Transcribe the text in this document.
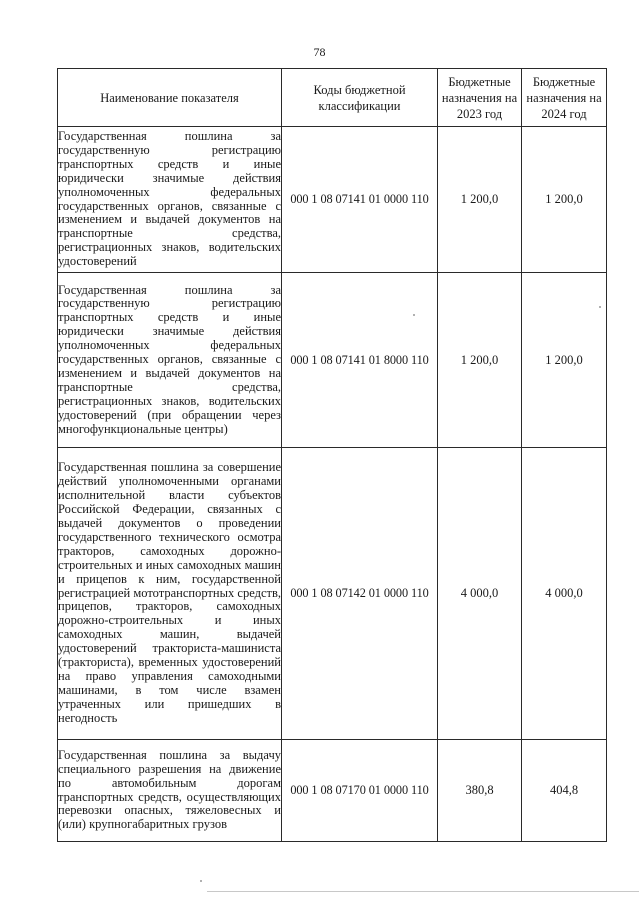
78
Наименование показателя	Коды бюджетной классификации	Бюджетные назначения на 2023 год	Бюджетные назначения на 2024 год
Государственная пошлина за государственную регистрацию транспортных средств и иные юридически значимые действия уполномоченных федеральных государственных органов, связанные с изменением и выдачей документов на транспортные средства, регистрационных знаков, водительских удостоверений	000 1 08 07141 01 0000 110	1 200,0	1 200,0
Государственная пошлина за государственную регистрацию транспортных средств и иные юридически значимые действия уполномоченных федеральных государственных органов, связанные с изменением и выдачей документов на транспортные средства, регистрационных знаков, водительских удостоверений (при обращении через многофункциональные центры)	000 1 08 07141 01 8000 110	1 200,0	1 200,0
Государственная пошлина за совершение действий уполномоченными органами исполнительной власти субъектов Российской Федерации, связанных с выдачей документов о проведении государственного технического осмотра тракторов, самоходных дорожно-строительных и иных самоходных машин и прицепов к ним, государственной регистрацией мототранспортных средств, прицепов, тракторов, самоходных дорожно-строительных и иных самоходных машин, выдачей удостоверений тракториста-машиниста (тракториста), временных удостоверений на право управления самоходными машинами, в том числе взамен утраченных или пришедших в негодность	000 1 08 07142 01 0000 110	4 000,0	4 000,0
Государственная пошлина за выдачу специального разрешения на движение по автомобильным дорогам транспортных средств, осуществляющих перевозки опасных, тяжеловесных и (или) крупногабаритных грузов	000 1 08 07170 01 0000 110	380,8	404,8
